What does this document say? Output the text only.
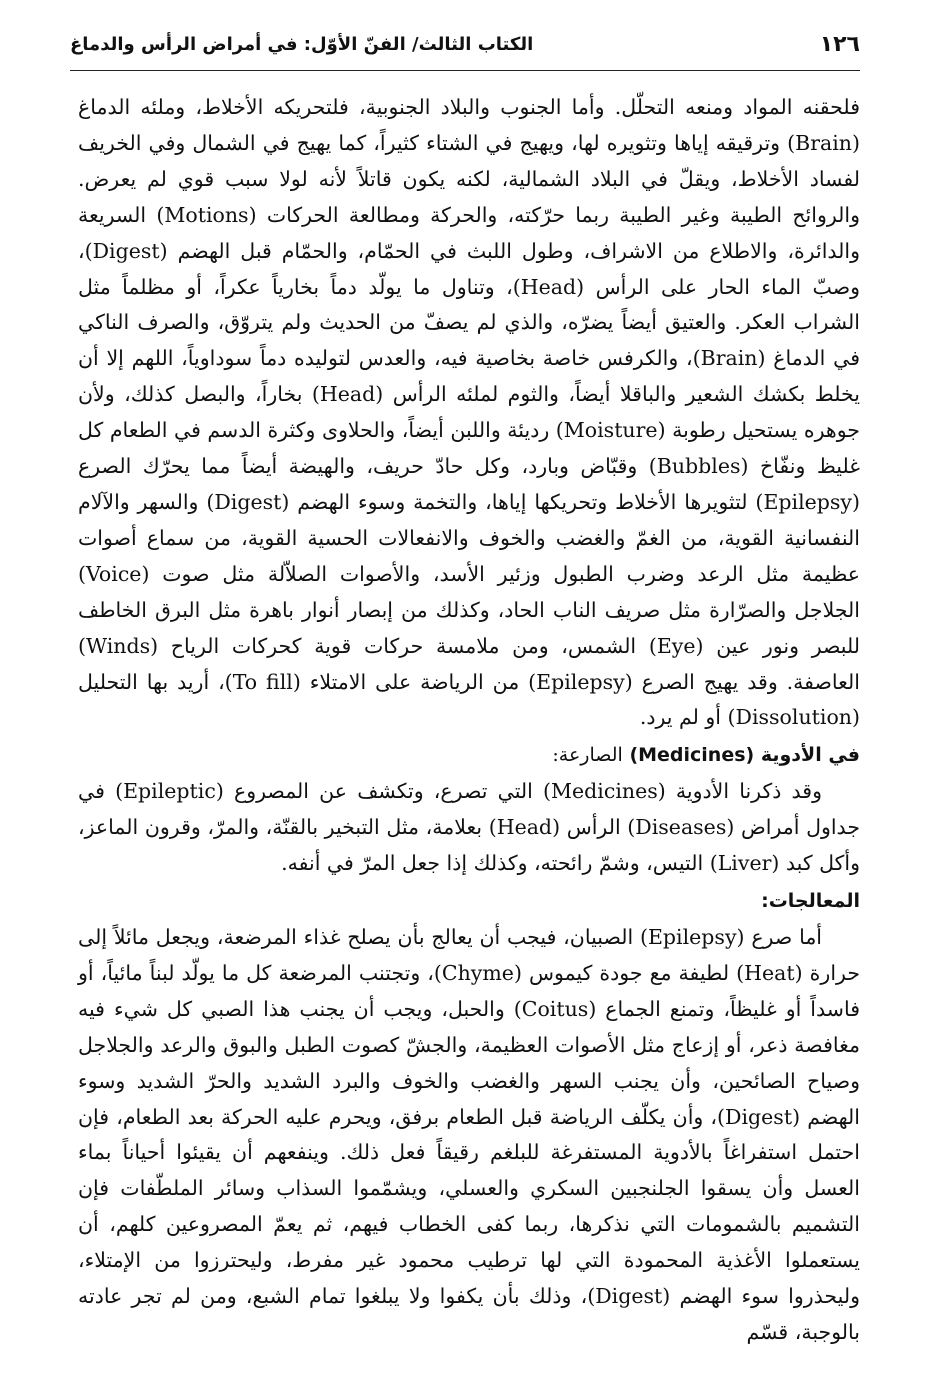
١٢٦
الكتاب الثالث/ الفنّ الأوّل: في أمراض الرأس والدماغ

فلحقنه المواد ومنعه التحلّل. وأما الجنوب والبلاد الجنوبية، فلتحريكه الأخلاط، وملئه الدماغ (Brain) وترقيقه إياها وتثويره لها، ويهيج في الشتاء كثيراً، كما يهيج في الشمال وفي الخريف لفساد الأخلاط، ويقلّ في البلاد الشمالية، لكنه يكون قاتلاً لأنه لولا سبب قوي لم يعرض. والروائح الطيبة وغير الطيبة ربما حرّكته، والحركة ومطالعة الحركات (Motions) السريعة والدائرة، والاطلاع من الاشراف، وطول اللبث في الحمّام، والحمّام قبل الهضم (Digest)، وصبّ الماء الحار على الرأس (Head)، وتناول ما يولّد دماً بخارياً عكراً، أو مظلماً مثل الشراب العكر. والعتيق أيضاً يضرّه، والذي لم يصفّ من الحديث ولم يتروّق، والصرف الناكي في الدماغ (Brain)، والكرفس خاصة بخاصية فيه، والعدس لتوليده دماً سوداوياً، اللهم إلا أن يخلط بكشك الشعير والباقلا أيضاً، والثوم لملئه الرأس (Head) بخاراً، والبصل كذلك، ولأن جوهره يستحيل رطوبة (Moisture) رديئة واللبن أيضاً، والحلاوى وكثرة الدسم في الطعام كل غليظ ونفّاخ (Bubbles) وقبّاض وبارد، وكل حادّ حريف، والهيضة أيضاً مما يحرّك الصرع (Epilepsy) لتثويرها الأخلاط وتحريكها إياها، والتخمة وسوء الهضم (Digest) والسهر والآلام النفسانية القوية، من الغمّ والغضب والخوف والانفعالات الحسية القوية، من سماع أصوات عظيمة مثل الرعد وضرب الطبول وزئير الأسد، والأصوات الصلاّلة مثل صوت (Voice) الجلاجل والصرّارة مثل صريف الناب الحاد، وكذلك من إبصار أنوار باهرة مثل البرق الخاطف للبصر ونور عين (Eye) الشمس، ومن ملامسة حركات قوية كحركات الرياح (Winds) العاصفة. وقد يهيج الصرع (Epilepsy) من الرياضة على الامتلاء (To fill)، أريد بها التحليل (Dissolution) أو لم يرد.

في الأدوية (Medicines) الصارعة:

وقد ذكرنا الأدوية (Medicines) التي تصرع، وتكشف عن المصروع (Epileptic) في جداول أمراض (Diseases) الرأس (Head) بعلامة، مثل التبخير بالقنّة، والمرّ، وقرون الماعز، وأكل كبد (Liver) التيس، وشمّ رائحته، وكذلك إذا جعل المرّ في أنفه.

المعالجات:

أما صرع (Epilepsy) الصبيان، فيجب أن يعالج بأن يصلح غذاء المرضعة، ويجعل مائلاً إلى حرارة (Heat) لطيفة مع جودة كيموس (Chyme)، وتجتنب المرضعة كل ما يولّد لبناً مائياً، أو فاسداً أو غليظاً، وتمنع الجماع (Coitus) والحبل، ويجب أن يجنب هذا الصبي كل شيء فيه مغافصة ذعر، أو إزعاج مثل الأصوات العظيمة، والجشّ كصوت الطبل والبوق والرعد والجلاجل وصياح الصائحين، وأن يجنب السهر والغضب والخوف والبرد الشديد والحرّ الشديد وسوء الهضم (Digest)، وأن يكلّف الرياضة قبل الطعام برفق، ويحرم عليه الحركة بعد الطعام، فإن احتمل استفراغاً بالأدوية المستفرغة للبلغم رقيقاً فعل ذلك. وينفعهم أن يقيئوا أحياناً بماء العسل وأن يسقوا الجلنجبين السكري والعسلي، ويشمّموا السذاب وسائر الملطّفات فإن التشميم بالشمومات التي نذكرها، ربما كفى الخطاب فيهم، ثم يعمّ المصروعين كلهم، أن يستعملوا الأغذية المحمودة التي لها ترطيب محمود غير مفرط، وليحترزوا من الإمتلاء، وليحذروا سوء الهضم (Digest)، وذلك بأن يكفوا ولا يبلغوا تمام الشبع، ومن لم تجر عادته بالوجبة، قسّم
